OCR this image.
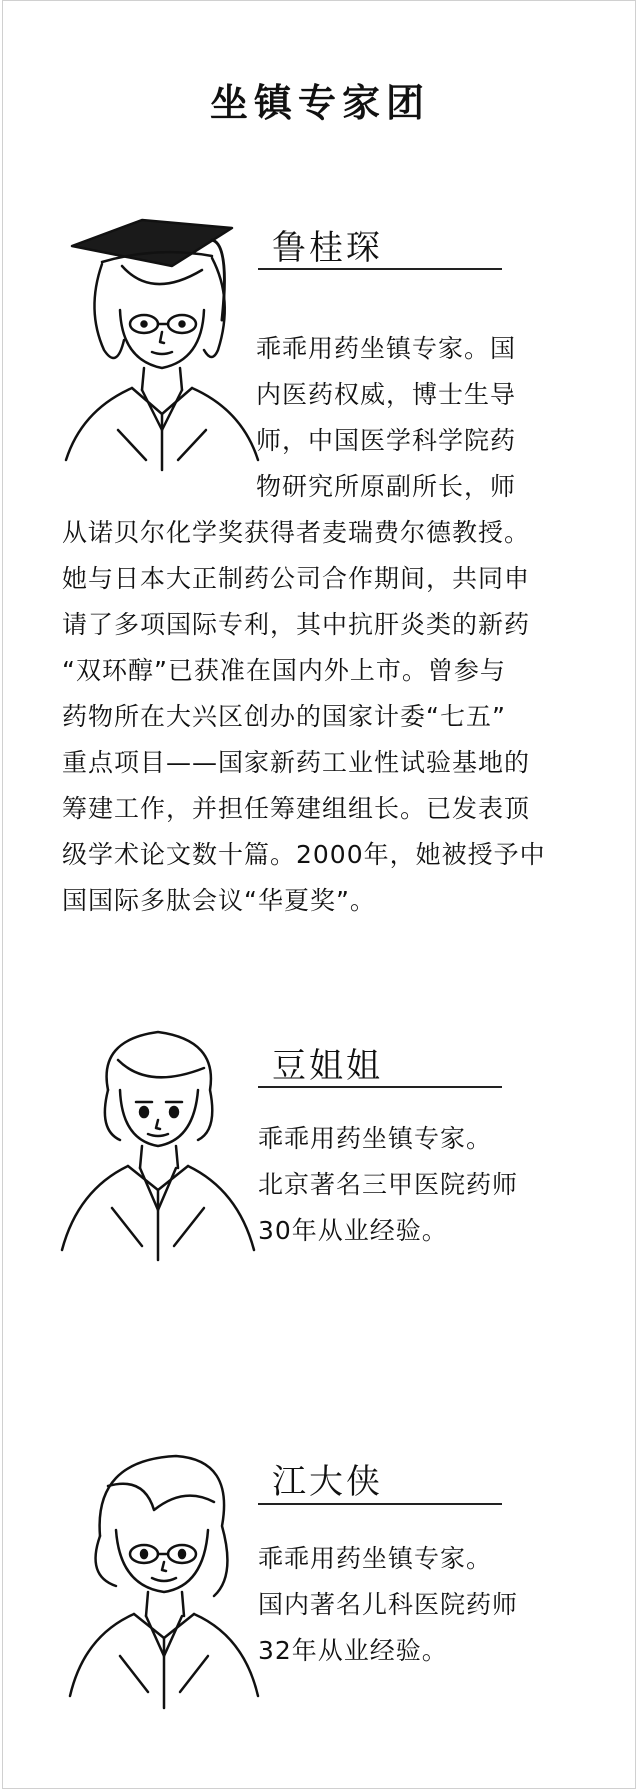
坐镇专家团
鲁桂琛
乖乖用药坐镇专家。国
内医药权威，博士生导
师，中国医学科学院药
物研究所原副所长，师
从诺贝尔化学奖获得者麦瑞费尔德教授。
她与日本大正制药公司合作期间，共同申
请了多项国际专利，其中抗肝炎类的新药
“双环醇”已获准在国内外上市。曾参与
药物所在大兴区创办的国家计委“七五”
重点项目——国家新药工业性试验基地的
筹建工作，并担任筹建组组长。已发表顶
级学术论文数十篇。2000年，她被授予中
国国际多肽会议“华夏奖”。
豆姐姐
乖乖用药坐镇专家。
北京著名三甲医院药师
30年从业经验。
江大侠
乖乖用药坐镇专家。
国内著名儿科医院药师
32年从业经验。
